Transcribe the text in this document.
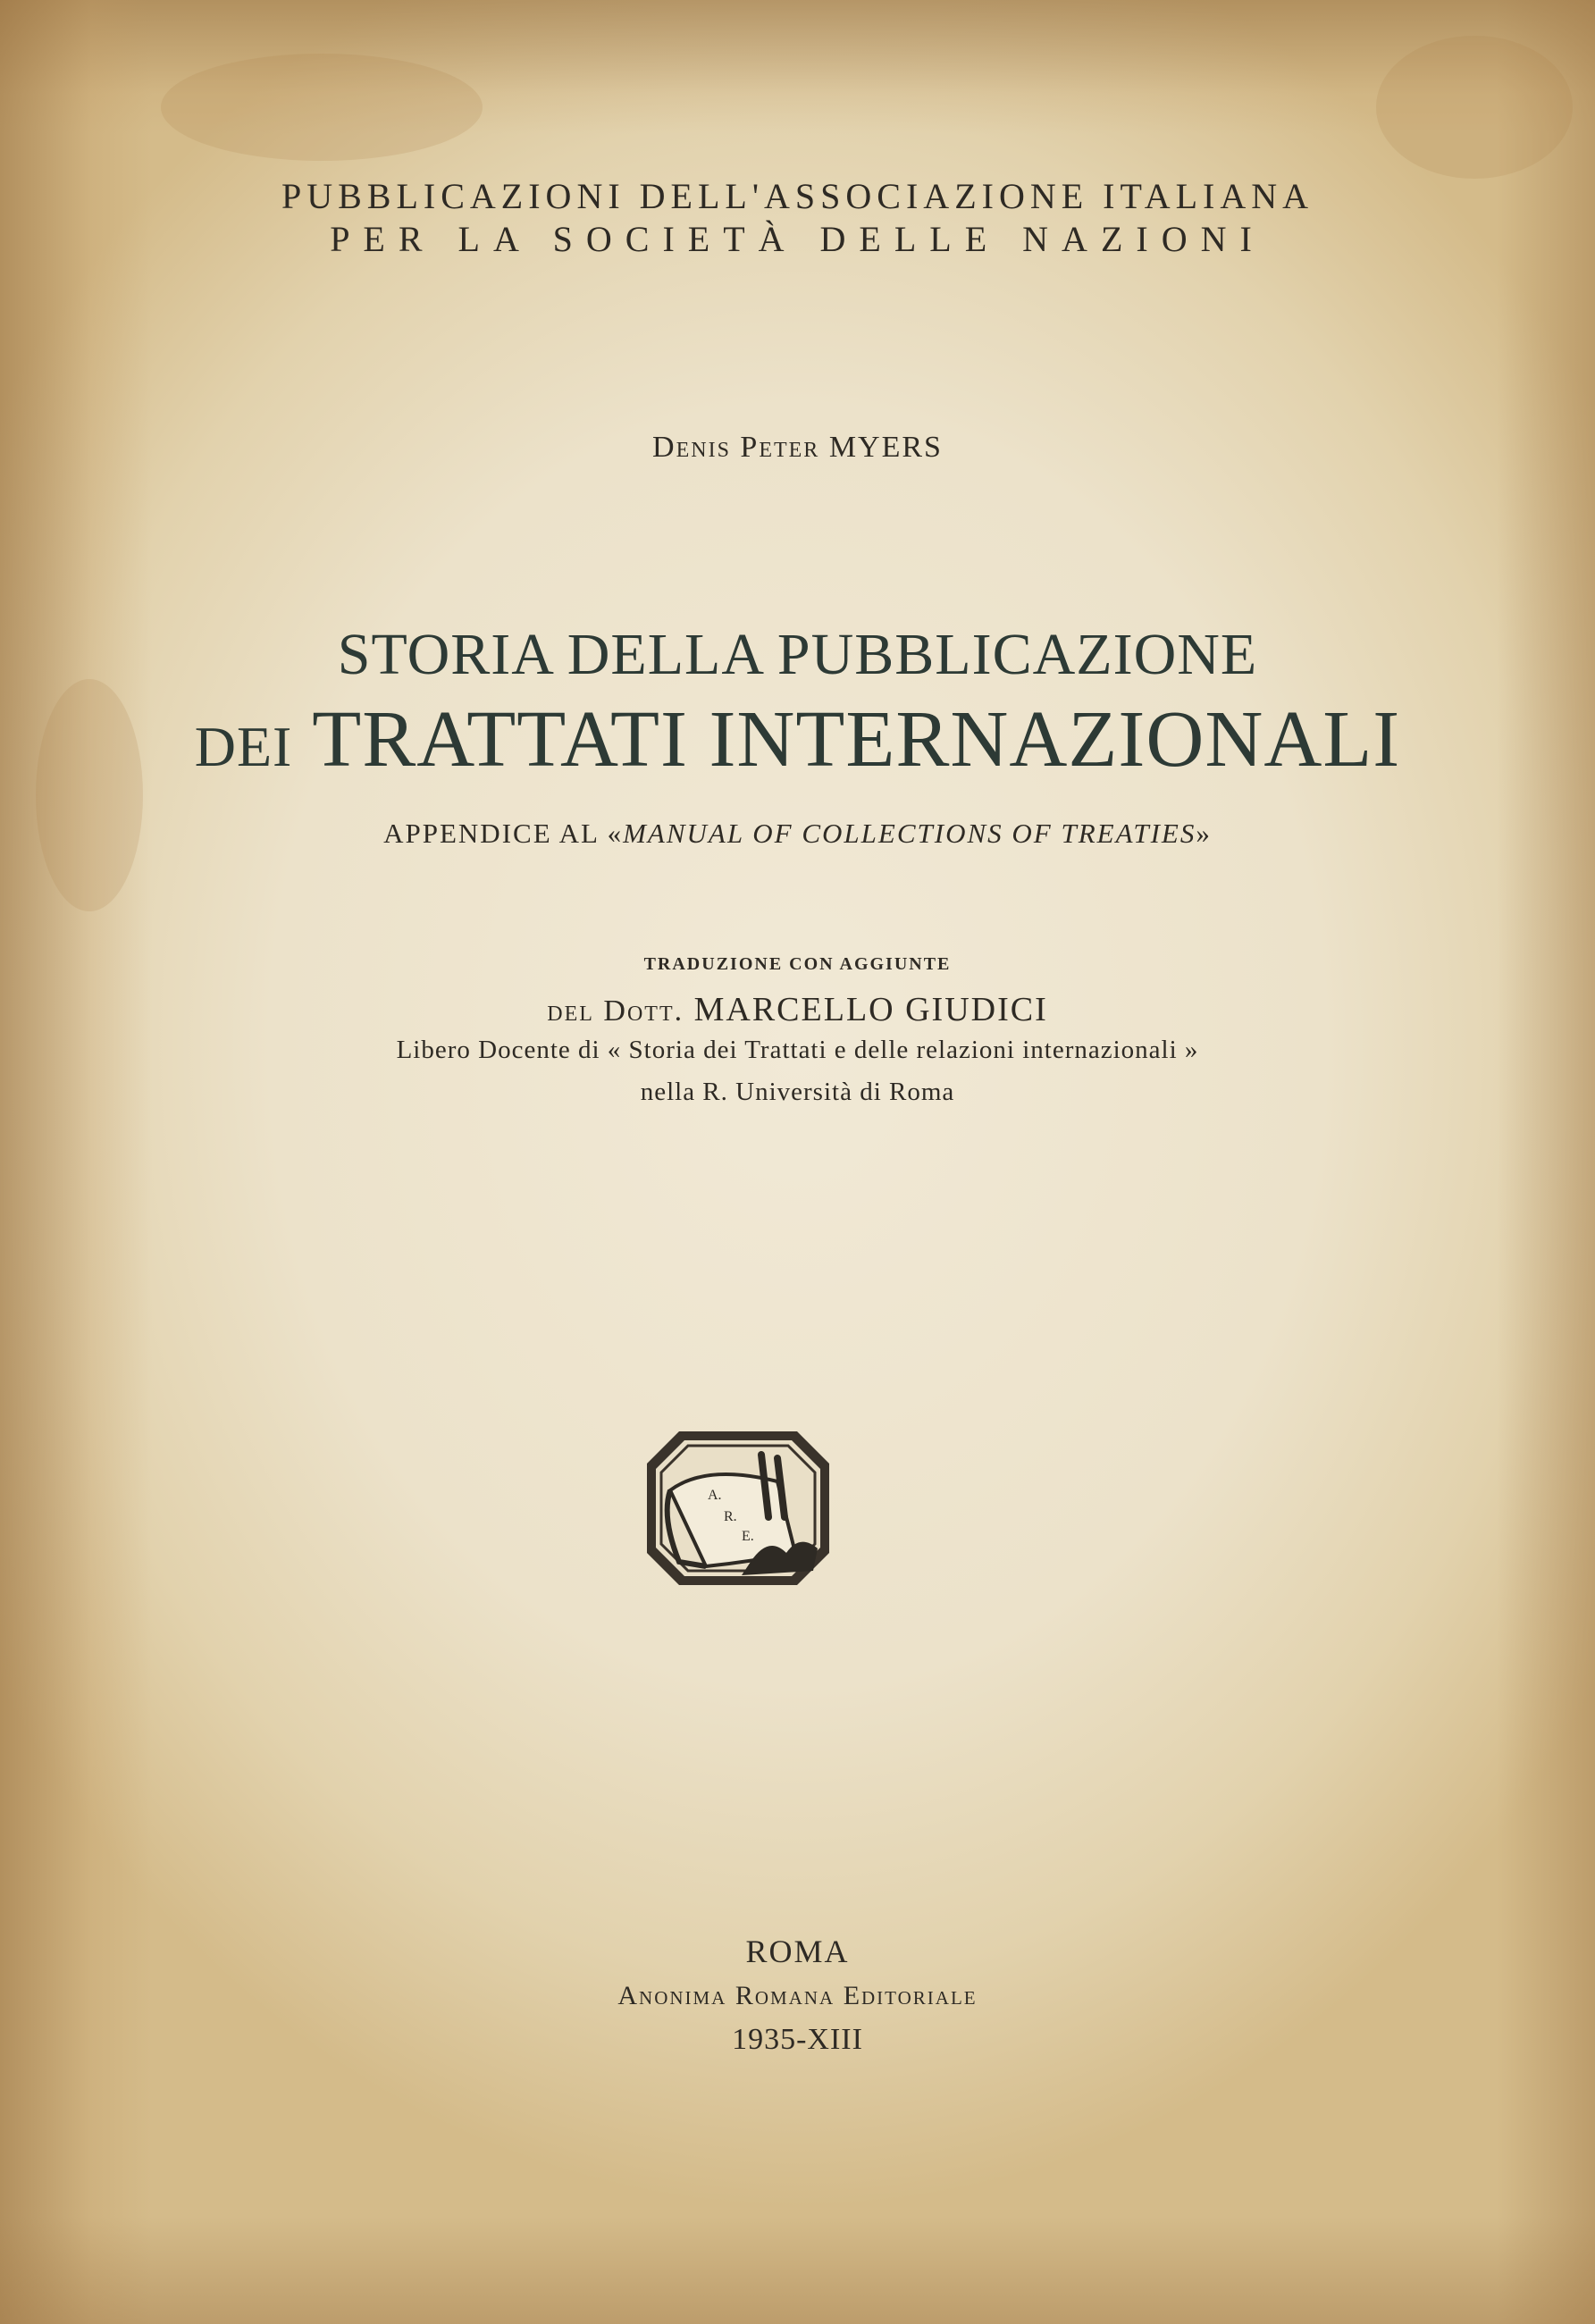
PUBBLICAZIONI DELL'ASSOCIAZIONE ITALIANA
PER LA SOCIETÀ DELLE NAZIONI
Denis Peter MYERS
STORIA DELLA PUBBLICAZIONE
DEI TRATTATI INTERNAZIONALI
APPENDICE AL «MANUAL OF COLLECTIONS OF TREATIES»
TRADUZIONE CON AGGIUNTE
del Dott. MARCELLO GIUDICI
Libero Docente di « Storia dei Trattati e delle relazioni internazionali »
nella R. Università di Roma
A.
R.
E.
ROMA
Anonima Romana Editoriale
1935-XIII
